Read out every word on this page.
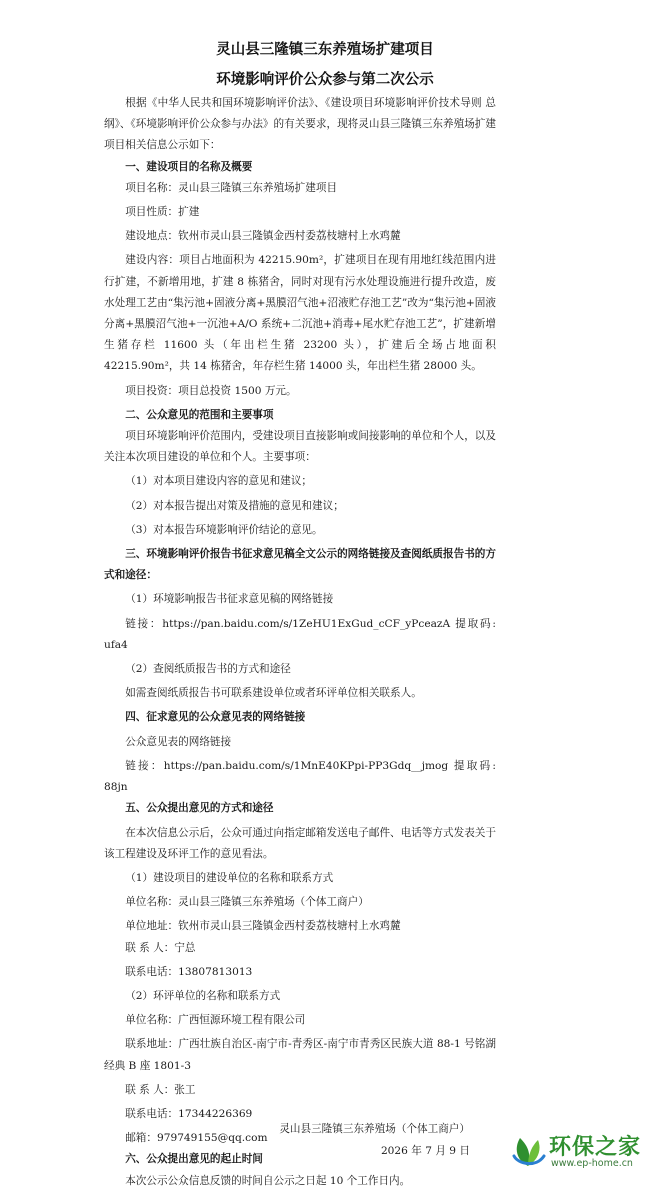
灵山县三隆镇三东养殖场扩建项目
环境影响评价公众参与第二次公示

根据《中华人民共和国环境影响评价法》、《建设项目环境影响评价技术导则 总纲》、《环境影响评价公众参与办法》的有关要求，现将灵山县三隆镇三东养殖场扩建项目相关信息公示如下：

一、建设项目的名称及概要

项目名称：灵山县三隆镇三东养殖场扩建项目

项目性质：扩建

建设地点：钦州市灵山县三隆镇金西村委荔枝塘村上水鸡麓

建设内容：项目占地面积为 42215.90m²，扩建项目在现有用地红线范围内进行扩建，不新增用地，扩建 8 栋猪舍，同时对现有污水处理设施进行提升改造，废水处理工艺由“集污池+固液分离+黑膜沼气池+沼液贮存池工艺”改为“集污池+固液分离+黑膜沼气池+一沉池+A/O 系统+二沉池+消毒+尾水贮存池工艺”，扩建新增生猪存栏 11600 头（年出栏生猪 23200 头），扩建后全场占地面积 42215.90m²，共 14 栋猪舍，年存栏生猪 14000 头，年出栏生猪 28000 头。

项目投资：项目总投资 1500 万元。

二、公众意见的范围和主要事项

项目环境影响评价范围内，受建设项目直接影响或间接影响的单位和个人，以及关注本次项目建设的单位和个人。主要事项：

（1）对本项目建设内容的意见和建议；

（2）对本报告提出对策及措施的意见和建议；

（3）对本报告环境影响评价结论的意见。

三、环境影响评价报告书征求意见稿全文公示的网络链接及查阅纸质报告书的方式和途径：

（1）环境影响报告书征求意见稿的网络链接

链接：https://pan.baidu.com/s/1ZeHU1ExGud_cCF_yPceazA 提取码: ufa4

（2）查阅纸质报告书的方式和途径

如需查阅纸质报告书可联系建设单位或者环评单位相关联系人。

四、征求意见的公众意见表的网络链接

公众意见表的网络链接

链接：https://pan.baidu.com/s/1MnE40KPpi-PP3Gdq__jmog 提取码: 88jn

五、公众提出意见的方式和途径

在本次信息公示后，公众可通过向指定邮箱发送电子邮件、电话等方式发表关于该工程建设及环评工作的意见看法。

（1）建设项目的建设单位的名称和联系方式

单位名称：灵山县三隆镇三东养殖场（个体工商户）

单位地址：钦州市灵山县三隆镇金西村委荔枝塘村上水鸡麓

联 系 人：宁总

联系电话：13807813013

（2）环评单位的名称和联系方式

单位名称：广西恒源环境工程有限公司

联系地址：广西壮族自治区-南宁市-青秀区-南宁市青秀区民族大道 88-1 号铭湖经典 B 座 1801-3

联 系 人：张工

联系电话：17344226369

邮箱：979749155@qq.com

六、公众提出意见的起止时间

本次公示公众信息反馈的时间自公示之日起 10 个工作日内。

灵山县三隆镇三东养殖场（个体工商户）
2026 年 7 月 9 日	环保之家
www.ep-home.cn
